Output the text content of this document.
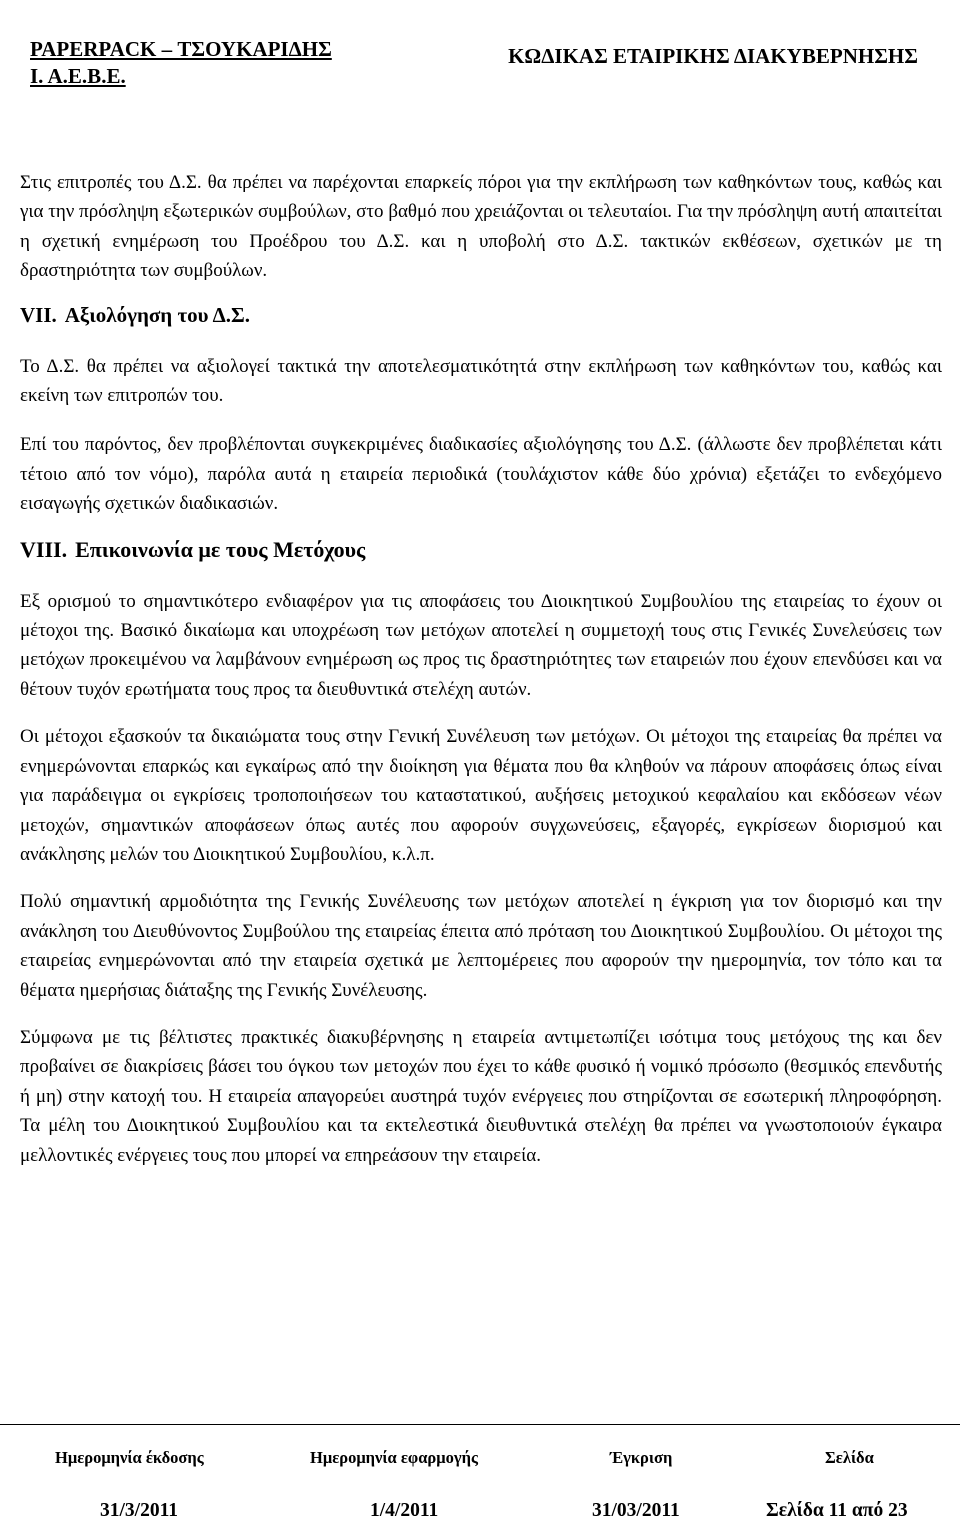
PAPERPACK – ΤΣΟΥΚΑΡΙΔΗΣ
Ι. Α.Ε.Β.Ε.
ΚΩΔΙΚΑΣ ΕΤΑΙΡΙΚΗΣ ΔΙΑΚΥΒΕΡΝΗΣΗΣ

Στις επιτροπές του Δ.Σ. θα πρέπει να παρέχονται επαρκείς πόροι για την εκπλήρωση των καθηκόντων τους, καθώς και για την πρόσληψη εξωτερικών συμβούλων, στο βαθμό που χρειάζονται οι τελευταίοι. Για την πρόσληψη αυτή απαιτείται η σχετική ενημέρωση του Προέδρου του Δ.Σ. και η υποβολή στο Δ.Σ. τακτικών εκθέσεων, σχετικών με τη δραστηριότητα των συμβούλων.

VII. Αξιολόγηση του Δ.Σ.

Το Δ.Σ. θα πρέπει να αξιολογεί τακτικά την αποτελεσματικότητά στην εκπλήρωση των καθηκόντων του, καθώς και εκείνη των επιτροπών του.

Επί του παρόντος, δεν προβλέπονται συγκεκριμένες διαδικασίες αξιολόγησης του Δ.Σ. (άλλωστε δεν προβλέπεται κάτι τέτοιο από τον νόμο), παρόλα αυτά η εταιρεία περιοδικά (τουλάχιστον κάθε δύο χρόνια) εξετάζει το ενδεχόμενο εισαγωγής σχετικών διαδικασιών.

VIII. Επικοινωνία με τους Μετόχους

Εξ ορισμού το σημαντικότερο ενδιαφέρον για τις αποφάσεις του Διοικητικού Συμβουλίου της εταιρείας το έχουν οι μέτοχοι της. Βασικό δικαίωμα και υποχρέωση των μετόχων αποτελεί η συμμετοχή τους στις Γενικές Συνελεύσεις των μετόχων προκειμένου να λαμβάνουν ενημέρωση ως προς τις δραστηριότητες των εταιρειών που έχουν επενδύσει και να θέτουν τυχόν ερωτήματα τους προς τα διευθυντικά στελέχη αυτών.

Οι μέτοχοι εξασκούν τα δικαιώματα τους στην Γενική Συνέλευση των μετόχων. Οι μέτοχοι της εταιρείας θα πρέπει να ενημερώνονται επαρκώς και εγκαίρως από την διοίκηση για θέματα που θα κληθούν να πάρουν αποφάσεις όπως είναι για παράδειγμα οι εγκρίσεις τροποποιήσεων του καταστατικού, αυξήσεις μετοχικού κεφαλαίου και εκδόσεων νέων μετοχών, σημαντικών αποφάσεων όπως αυτές που αφορούν συγχωνεύσεις, εξαγορές, εγκρίσεων διορισμού και ανάκλησης μελών του Διοικητικού Συμβουλίου, κ.λ.π.

Πολύ σημαντική αρμοδιότητα της Γενικής Συνέλευσης των μετόχων αποτελεί η έγκριση για τον διορισμό και την ανάκληση του Διευθύνοντος Συμβούλου της εταιρείας έπειτα από πρόταση του Διοικητικού Συμβουλίου. Οι μέτοχοι της εταιρείας ενημερώνονται από την εταιρεία σχετικά με λεπτομέρειες που αφορούν την ημερομηνία, τον τόπο και τα θέματα ημερήσιας διάταξης της Γενικής Συνέλευσης.

Σύμφωνα με τις βέλτιστες πρακτικές διακυβέρνησης η εταιρεία αντιμετωπίζει ισότιμα τους μετόχους της και δεν προβαίνει σε διακρίσεις βάσει του όγκου των μετοχών που έχει το κάθε φυσικό ή νομικό πρόσωπο (θεσμικός επενδυτής ή μη) στην κατοχή του. Η εταιρεία απαγορεύει αυστηρά τυχόν ενέργειες που στηρίζονται σε εσωτερική πληροφόρηση. Τα μέλη του Διοικητικού Συμβουλίου και τα εκτελεστικά διευθυντικά στελέχη θα πρέπει να γνωστοποιούν έγκαιρα μελλοντικές ενέργειες τους που μπορεί να επηρεάσουν την εταιρεία.

Ημερομηνία έκδοσης	Ημερομηνία εφαρμογής	Έγκριση	Σελίδα
31/3/2011	1/4/2011	31/03/2011	Σελίδα 11 από 23
